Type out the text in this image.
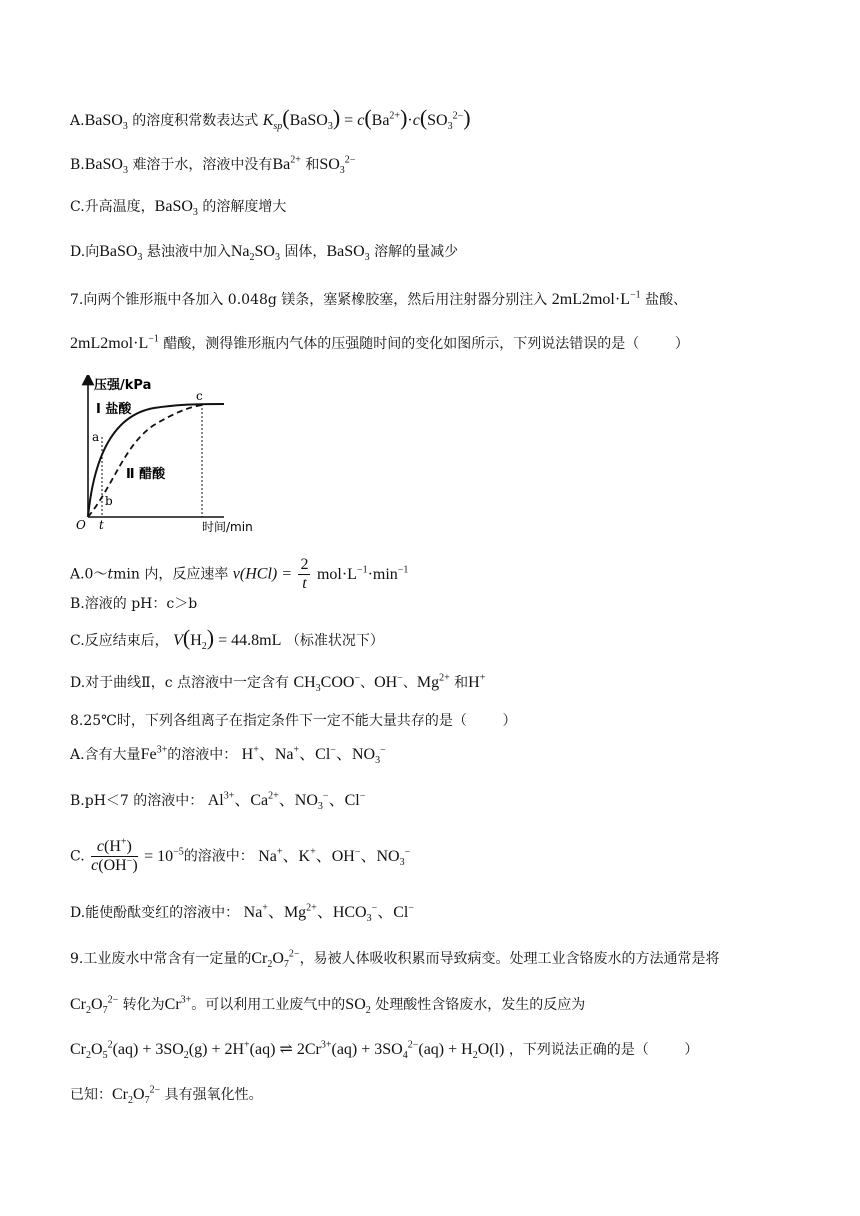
A.BaSO$_3$ 的溶度积常数表达式 $K_{sp}(BaSO_3) = c(Ba^{2+})\cdot c(SO_3^{2-})$
B.BaSO$_3$ 难溶于水，溶液中没有$Ba^{2+}$ 和$SO_3^{2-}$
C.升高温度，BaSO$_3$ 的溶解度增大
D.向BaSO$_3$ 悬浊液中加入$Na_2SO_3$ 固体，BaSO$_3$ 溶解的量减少
7.向两个锥形瓶中各加入 0.048g 镁条，塞紧橡胶塞，然后用注射器分别注入 $2mL2mol\cdot L^{-1}$ 盐酸、
$2mL2mol\cdot L^{-1}$ 醋酸，测得锥形瓶内气体的压强随时间的变化如图所示，下列说法错误的是（	）
压强/kPa
Ⅰ 盐酸
Ⅱ 醋酸
a
b
c
O t	时间/min
A.0～tmin 内，反应速率 $v(HCl) = \frac{2}{t} mol\cdot L^{-1}\cdot\min^{-1}$
B.溶液的 pH：c＞b
C.反应结束后， $V(H_2) = 44.8mL$ （标准状况下）
D.对于曲线Ⅱ，c 点溶液中一定含有 $CH_3COO^-$、OH−、$Mg^{2+}$ 和H+
8.25℃时，下列各组离子在指定条件下一定不能大量共存的是（	）
A.含有大量$Fe^{3+}$的溶液中： H+、Na+、Cl−、$NO_3^-$
B.pH＜7 的溶液中： $Al^{3+}$、$Ca^{2+}$、$NO_3^-$、Cl−
C. $\frac{c(H^+)}{c(OH^-)} = 10^{-5}$的溶液中： Na+、K+、OH−、$NO_3^-$
D.能使酚酞变红的溶液中： Na+、$Mg^{2+}$、$HCO_3^-$、Cl−
9.工业废水中常含有一定量的$Cr_2O_7^{2-}$，易被人体吸收积累而导致病变。处理工业含铬废水的方法通常是将
$Cr_2O_7^{2-}$ 转化为$Cr^{3+}$。可以利用工业废气中的$SO_2$ 处理酸性含铬废水，发生的反应为
$Cr_2O_5^2(aq) + 3SO_2(g) + 2H^+(aq)$ ⇌ $2Cr^{3+}(aq) + 3SO_4^{2-}(aq) + H_2O(l)$ ，下列说法正确的是（	）
已知：$Cr_2O_7^{2-}$ 具有强氧化性。
